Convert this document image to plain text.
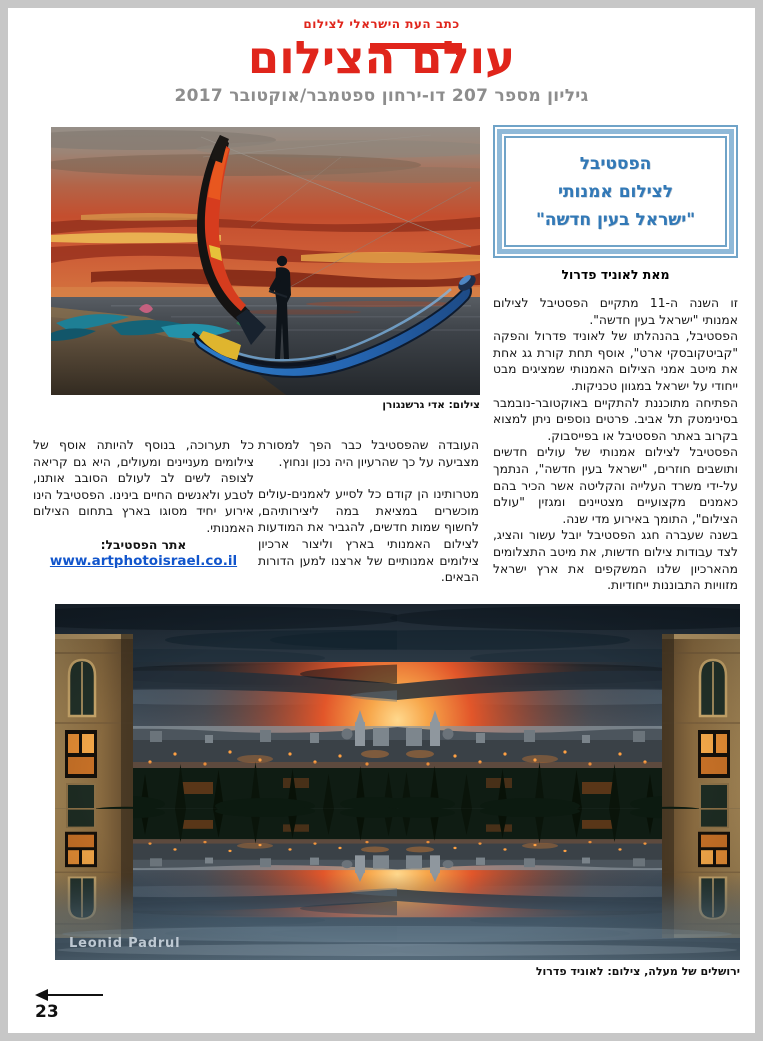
כתב העת הישראלי לצילום
עולם הצילום
גיליון מספר 207 דו-ירחון ספטמבר/אוקטובר 2017
צילום: אדי גרשנגורן
הפסטיבל
לצילום אמנותי
"ישראל בעין חדשה"
מאת לאוניד פדרול

זו השנה ה-11 מתקיים הפסטיבל לצילום אמנותי "ישראל בעין חדשה".

הפסטיבל, בהנהלתו של לאוניד פדרול והפקה "קביטקובסקי ארט", אוסף תחת קורת גג אחת את מיטב אמני הצילום האמנותי שמציגים מבט ייחודי על ישראל במגוון טכניקות.

הפתיחה מתוכננת להתקיים באוקטובר-נובמבר בסינימטק תל אביב. פרטים נוספים ניתן למצוא בקרוב באתר הפסטיבל או בפייסבוק.

הפסטיבל לצילום אמנותי של עולים חדשים ותושבים חוזרים, "ישראל בעין חדשה", הנתמך על-ידי משרד העלייה והקליטה אשר הכיר בהם כאמנים מקצועיים מצטיינים ומגזין "עולם הצילום", התומך באירוע מדי שנה.

בשנה שעברה חגג הפסטיבל יובל עשור והציג, לצד עבודות צילום חדשות, את מיטב התצלומים מהארכיון שלנו המשקפים את ארץ ישראל מזוויות התבוננות ייחודיות.

העובדה שהפסטיבל כבר הפך למסורת מצביעה על כך שהרעיון היה נכון ונחוץ.

מטרותינו הן קודם כל לסייע לאמנים-עולים מוכשרים במציאת במה ליצירותיהם, לחשוף שמות חדשים, להגביר את המודעות לצילום האמנותי בארץ וליצור ארכיון צילומים אמנותיים של ארצנו למען הדורות הבאים.

כל תערוכה, בנוסף להיותה אוסף של צילומים מעניינים ומעולים, היא גם קריאה לצופה לשים לב לעולם הסובב אותנו, לטבע ולאנשים החיים בינינו. הפסטיבל הינו אירוע יחיד מסוגו בארץ בתחום הצילום האמנותי.

אתר הפסטיבל:

www.artphotoisrael.co.il

Leonid Padrul
ירושלים של מעלה, צילום: לאוניד פדרול
23
